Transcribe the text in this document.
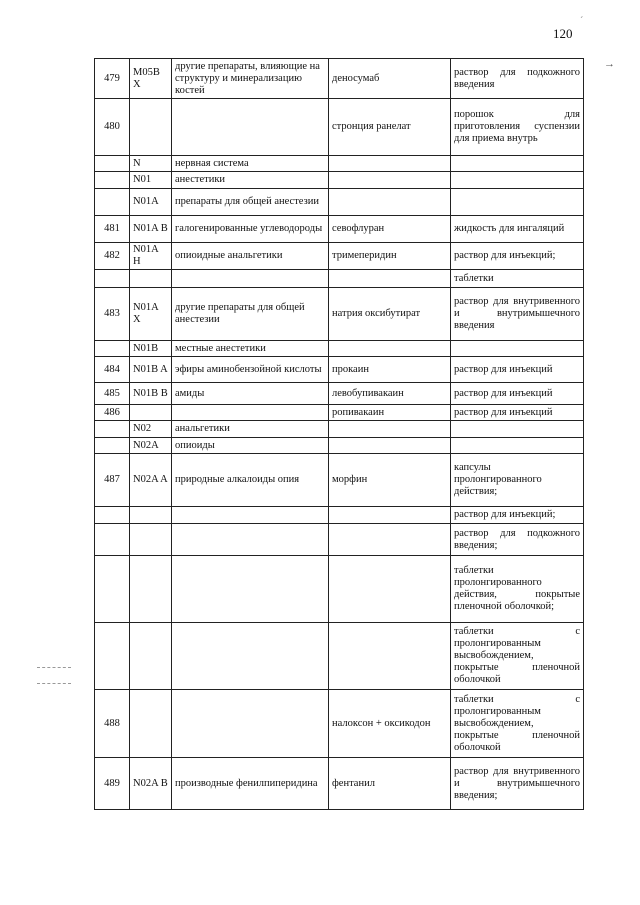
´
120
→
479	M05B X	другие препараты, влияющие на структуру и минерализацию костей	деносумаб	раствор для подкожного введения
480			стронция ранелат	порошок для приготовления суспензии для приема внутрь
	N	нервная система		
	N01	анестетики		
	N01A	препараты для общей анестезии		
481	N01A B	галогенированные углеводороды	севофлуран	жидкость для ингаляций
482	N01A H	опиоидные анальгетики	тримеперидин	раствор для инъекций;
				таблетки
483	N01A X	другие препараты для общей анестезии	натрия оксибутират	раствор для внутривенного и внутримышечного введения
	N01B	местные анестетики		
484	N01B A	эфиры аминобензойной кислоты	прокаин	раствор для инъекций
485	N01B B	амиды	левобупивакаин	раствор для инъекций
486			ропивакаин	раствор для инъекций
	N02	анальгетики		
	N02A	опиоиды		
487	N02A A	природные алкалоиды опия	морфин	капсулы пролонгированного действия;
				раствор для инъекций;
				раствор для подкожного введения;
				таблетки пролонгированного действия, покрытые пленочной оболочкой;
				таблетки с пролонгированным высвобождением, покрытые пленочной оболочкой
488			налоксон + оксикодон	таблетки с пролонгированным высвобождением, покрытые пленочной оболочкой
489	N02A B	производные фенилпиперидина	фентанил	раствор для внутривенного и внутримышечного введения;
